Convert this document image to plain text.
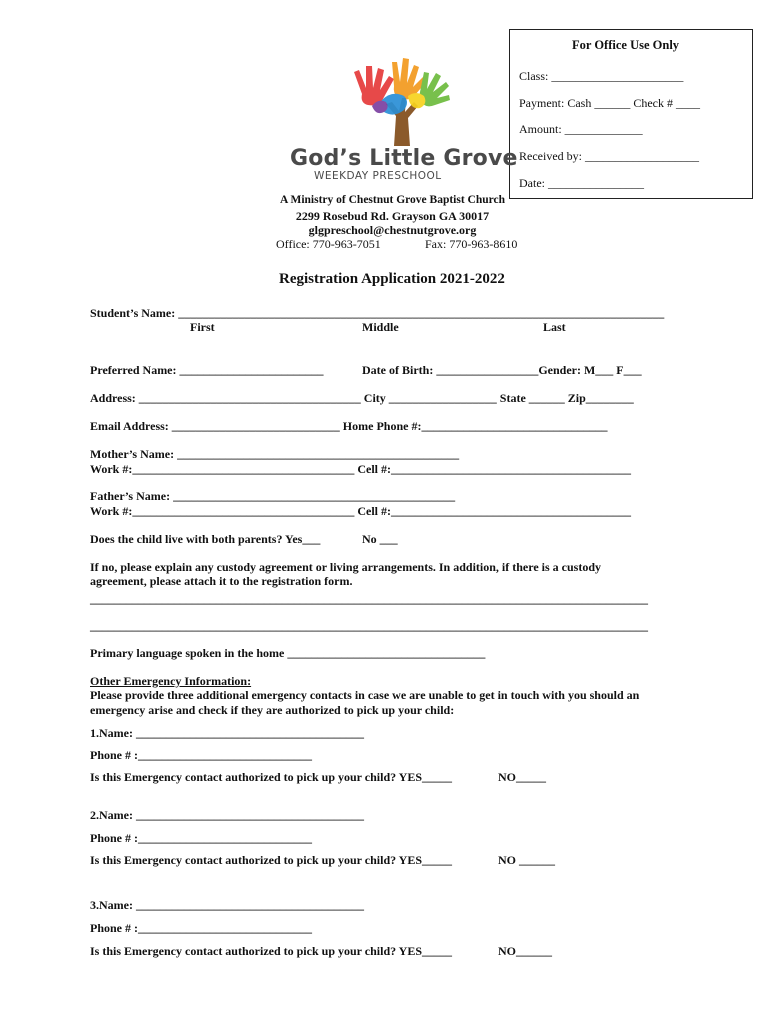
For Office Use Only
Class: ______________________
Payment: Cash ______ Check # ____
Amount: _____________
Received by: ___________________
Date: ________________
God’s Little Grove
WEEKDAY PRESCHOOL
A Ministry of Chestnut Grove Baptist Church
2299 Rosebud Rd. Grayson GA 30017
glgpreschool@chestnutgrove.org
Office: 770-963-7051	Fax: 770-963-8610
Registration Application 2021-2022
Student’s Name: _________________________________________________________________________________
First	Middle	Last
Preferred Name: ________________________	Date of Birth: _________________Gender: M___ F___
Address: _____________________________________ City __________________ State ______ Zip________
Email Address: ____________________________ Home Phone #:_______________________________
Mother’s Name: _______________________________________________
Work #:_____________________________________ Cell #:________________________________________
Father’s Name: _______________________________________________
Work #:_____________________________________ Cell #:________________________________________
Does the child live with both parents? Yes___	No ___
If no, please explain any custody agreement or living arrangements. In addition, if there is a custody
agreement, please attach it to the registration form.
_____________________________________________________________________________________________
_____________________________________________________________________________________________
Primary language spoken in the home _________________________________
Other Emergency Information:
Please provide three additional emergency contacts in case we are unable to get in touch with you should an
emergency arise and check if they are authorized to pick up your child:
1.Name: ______________________________________
Phone # :_____________________________
Is this Emergency contact authorized to pick up your child? YES_____	NO_____
2.Name: ______________________________________
Phone # :_____________________________
Is this Emergency contact authorized to pick up your child? YES_____	NO ______
3.Name: ______________________________________
Phone # :_____________________________
Is this Emergency contact authorized to pick up your child? YES_____	NO______
